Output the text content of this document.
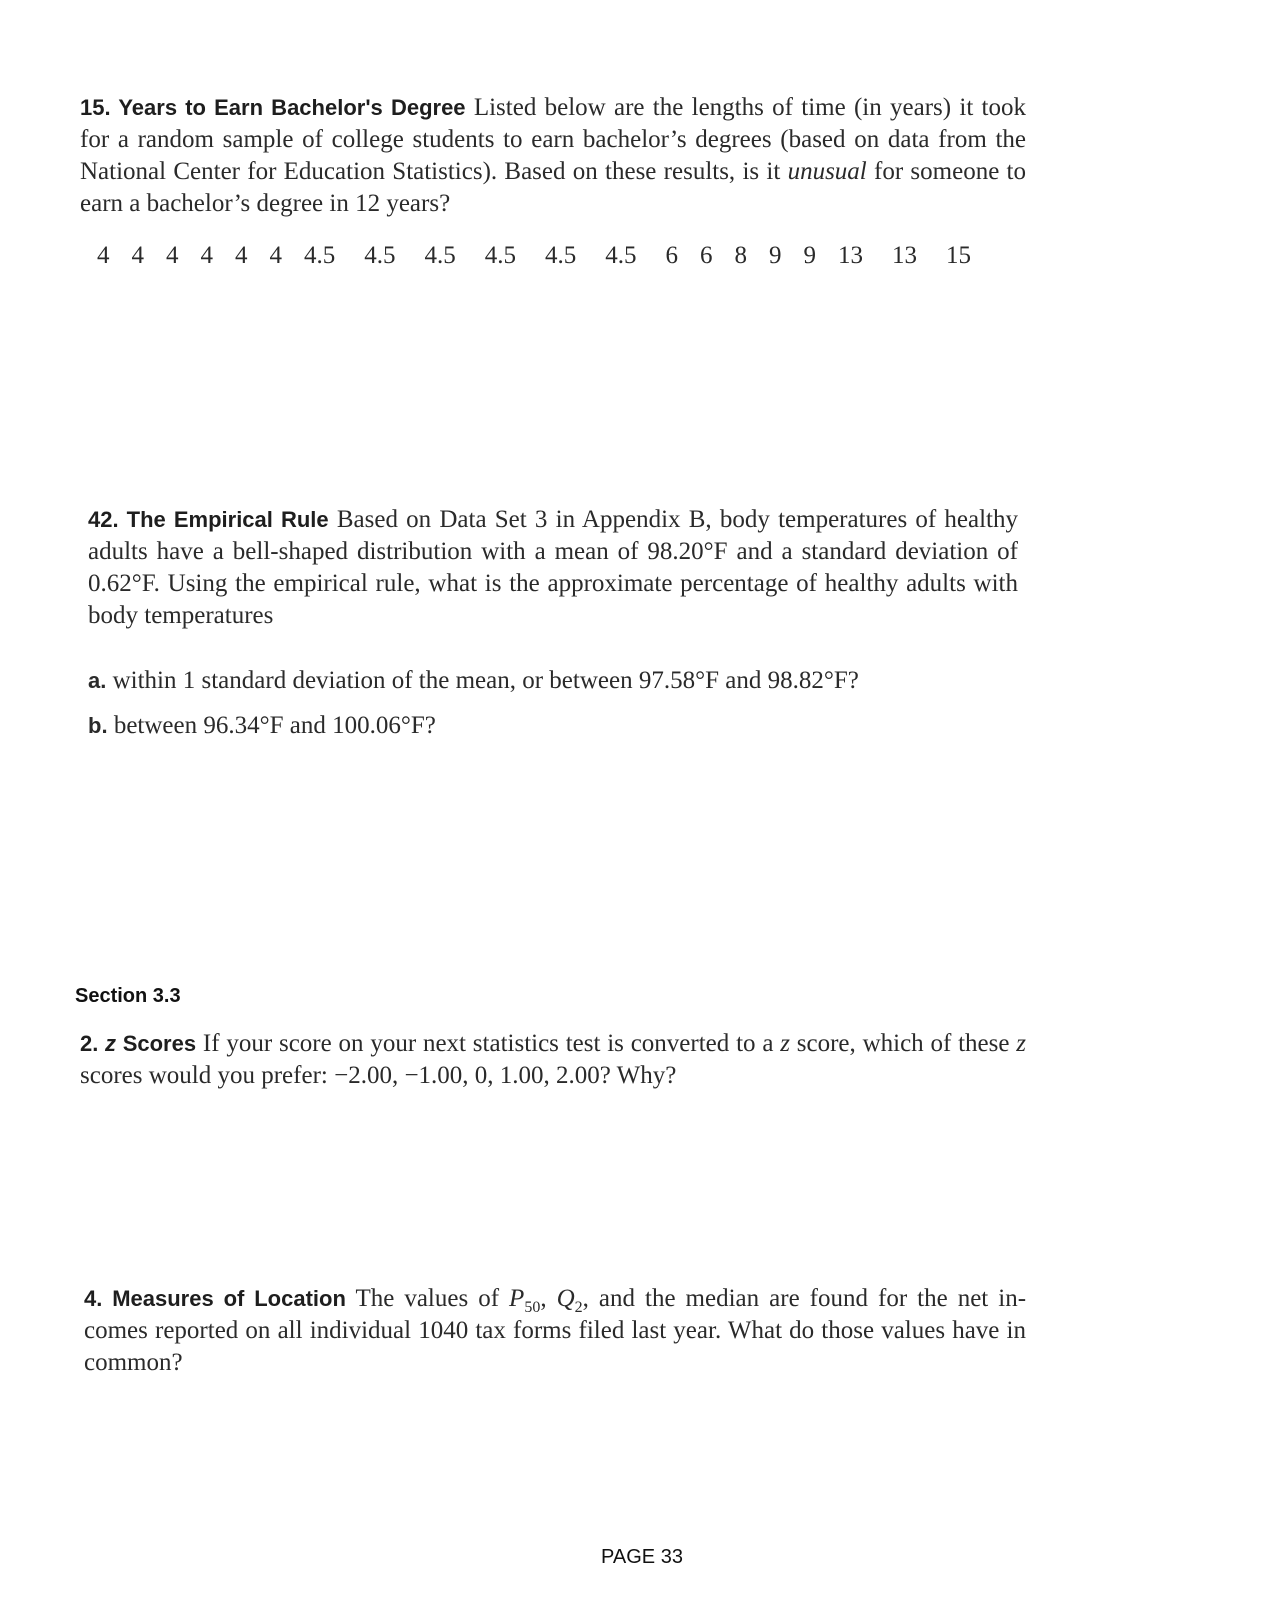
15. Years to Earn Bachelor's Degree Listed below are the lengths of time (in years) it took
for a random sample of college students to earn bachelor’s degrees (based on data from the
National Center for Education Statistics). Based on these results, is it unusual for someone to
earn a bachelor’s degree in 12 years?
4 4 4 4 4 4 4.5 4.5 4.5 4.5 4.5 4.5 6 6 8 9 9 13 13 15
42. The Empirical Rule Based on Data Set 3 in Appendix B, body temperatures of healthy
adults have a bell-shaped distribution with a mean of 98.20°F and a standard deviation of
0.62°F. Using the empirical rule, what is the approximate percentage of healthy adults with
body temperatures
a. within 1 standard deviation of the mean, or between 97.58°F and 98.82°F?
b. between 96.34°F and 100.06°F?
Section 3.3
2. z Scores If your score on your next statistics test is converted to a z score, which of these z
scores would you prefer: −2.00, −1.00, 0, 1.00, 2.00? Why?
4. Measures of Location The values of $P_{50}$, $Q_2$, and the median are found for the net in-
comes reported on all individual 1040 tax forms filed last year. What do those values have in
common?
PAGE 33
